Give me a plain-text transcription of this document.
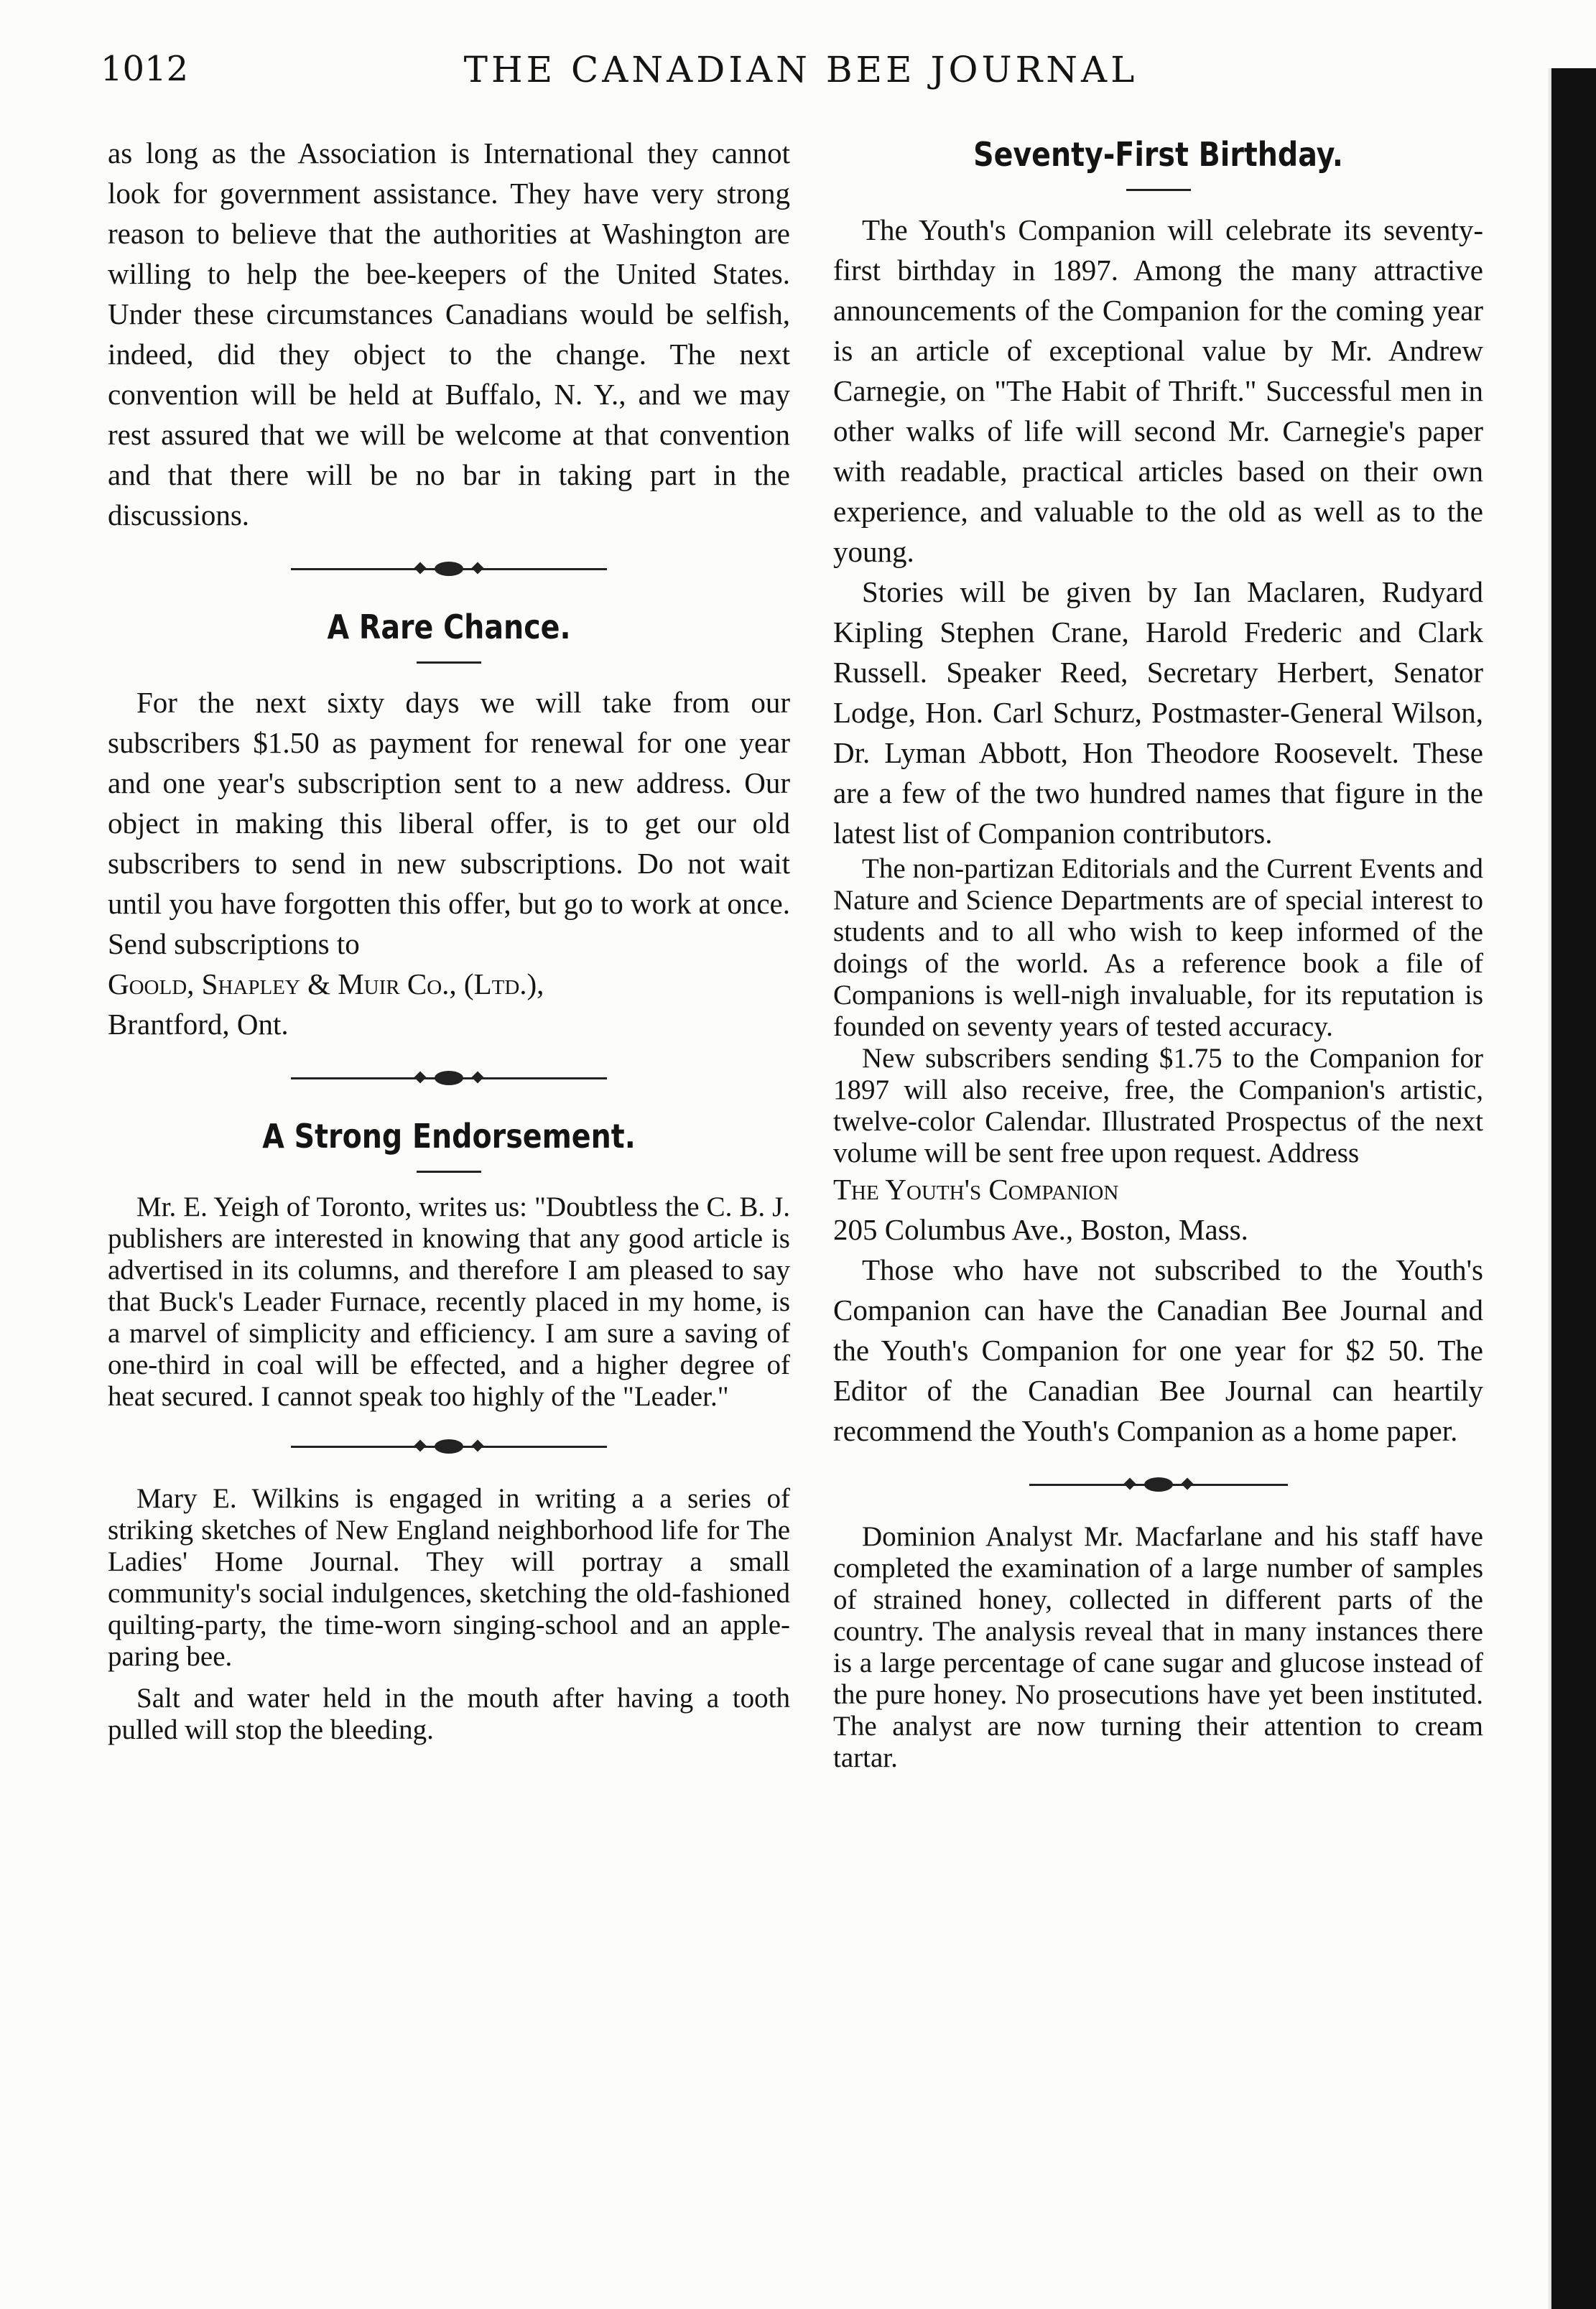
1012	THE CANADIAN BEE JOURNAL

as long as the Association is International they cannot look for government assistance. They have very strong reason to believe that the authorities at Washington are willing to help the bee-keepers of the United States. Under these circumstances Canadians would be selfish, indeed, did they object to the change. The next convention will be held at Buffalo, N. Y., and we may rest assured that we will be welcome at that convention and that there will be no bar in taking part in the discussions.

A Rare Chance.

For the next sixty days we will take from our subscribers $1.50 as payment for renewal for one year and one year's subscription sent to a new address. Our object in making this liberal offer, is to get our old subscribers to send in new subscriptions. Do not wait until you have forgotten this offer, but go to work at once. Send subscriptions to

Goold, Shapley & Muir Co., (Ltd.),

Brantford, Ont.

A Strong Endorsement.

Mr. E. Yeigh of Toronto, writes us: "Doubtless the C. B. J. publishers are interested in knowing that any good article is advertised in its columns, and therefore I am pleased to say that Buck's Leader Furnace, recently placed in my home, is a marvel of simplicity and efficiency. I am sure a saving of one-third in coal will be effected, and a higher degree of heat secured. I cannot speak too highly of the "Leader."

Mary E. Wilkins is engaged in writing a a series of striking sketches of New England neighborhood life for The Ladies' Home Journal. They will portray a small community's social indulgences, sketching the old-fashioned quilting-party, the time-worn singing-school and an apple-paring bee.

Salt and water held in the mouth after having a tooth pulled will stop the bleeding.

Seventy-First Birthday.

The Youth's Companion will celebrate its seventy-first birthday in 1897. Among the many attractive announcements of the Companion for the coming year is an article of exceptional value by Mr. Andrew Carnegie, on "The Habit of Thrift." Successful men in other walks of life will second Mr. Carnegie's paper with readable, practical articles based on their own experience, and valuable to the old as well as to the young.

Stories will be given by Ian Maclaren, Rudyard Kipling Stephen Crane, Harold Frederic and Clark Russell. Speaker Reed, Secretary Herbert, Senator Lodge, Hon. Carl Schurz, Postmaster-General Wilson, Dr. Lyman Abbott, Hon Theodore Roosevelt. These are a few of the two hundred names that figure in the latest list of Companion contributors.

The non-partizan Editorials and the Current Events and Nature and Science Departments are of special interest to students and to all who wish to keep informed of the doings of the world. As a reference book a file of Companions is well-nigh invaluable, for its reputation is founded on seventy years of tested accuracy.

New subscribers sending $1.75 to the Companion for 1897 will also receive, free, the Companion's artistic, twelve-color Calendar. Illustrated Prospectus of the next volume will be sent free upon request. Address

The Youth's Companion

205 Columbus Ave., Boston, Mass.

Those who have not subscribed to the Youth's Companion can have the Canadian Bee Journal and the Youth's Companion for one year for $2 50. The Editor of the Canadian Bee Journal can heartily recommend the Youth's Companion as a home paper.

Dominion Analyst Mr. Macfarlane and his staff have completed the examination of a large number of samples of strained honey, collected in different parts of the country. The analysis reveal that in many instances there is a large percentage of cane sugar and glucose instead of the pure honey. No prosecutions have yet been instituted. The analyst are now turning their attention to cream tartar.
